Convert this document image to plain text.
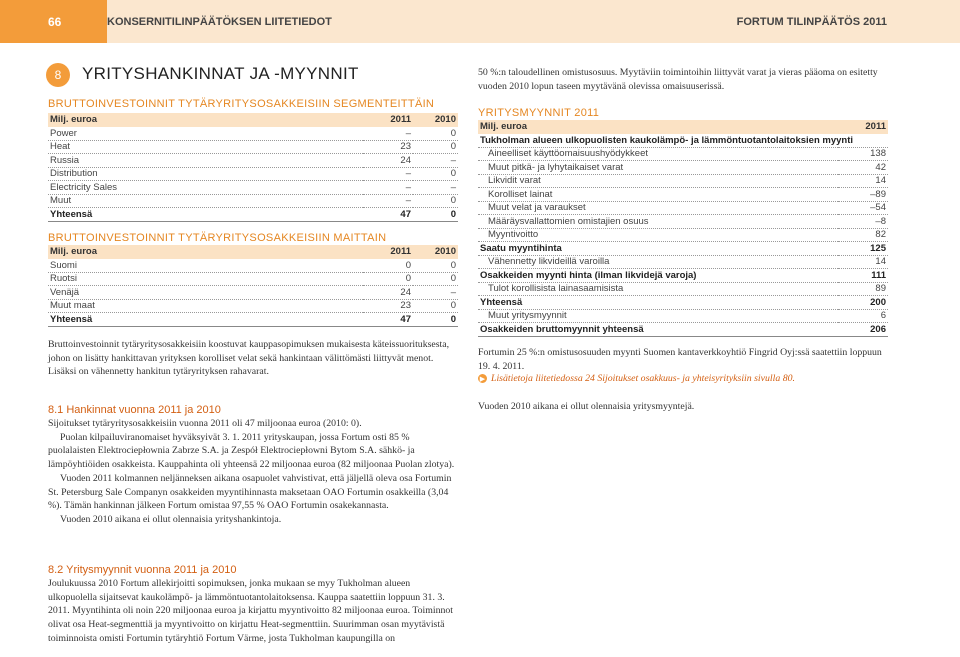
66	KONSERNITILINPÄÄTÖKSEN LIITETIEDOT	FORTUM TILINPÄÄTÖS 2011
8	YRITYSHANKINNAT JA -MYYNNIT
BRUTTOINVESTOINNIT TYTÄRYRITYSOSAKKEISIIN SEGMENTEITTÄIN
Milj. euroa	2011	2010
Power	–	0
Heat	23	0
Russia	24	–
Distribution	–	0
Electricity Sales	–	–
Muut	–	0
Yhteensä	47	0
BRUTTOINVESTOINNIT TYTÄRYRITYSOSAKKEISIIN MAITTAIN
Milj. euroa	2011	2010
Suomi	0	0
Ruotsi	0	0
Venäjä	24	–
Muut maat	23	0
Yhteensä	47	0

Bruttoinvestoinnit tytäryritysosakkeisiin koostuvat kauppasopimuksen mukaisesta käteissuorituksesta, johon on lisätty hankittavan yrityksen korolliset velat sekä hankintaan välittömästi liittyvät menot. Lisäksi on vähennetty hankitun tytäryrityksen rahavarat.

8.1 Hankinnat vuonna 2011 ja 2010

Sijoitukset tytäryritysosakkeisiin vuonna 2011 oli 47 miljoonaa euroa (2010: 0).

Puolan kilpailuviranomaiset hyväksyivät 3. 1. 2011 yrityskaupan, jossa Fortum osti 85 % puolalaisten Elektrociepłownia Zabrze S.A. ja Zespół Elektrociepłowni Bytom S.A. sähkö- ja lämpöyhtiöiden osakkeista. Kauppahinta oli yhteensä 22 miljoonaa euroa (82 miljoonaa Puolan zlotya).

Vuoden 2011 kolmannen neljänneksen aikana osapuolet vahvistivat, että jäljellä oleva osa Fortumin St. Petersburg Sale Companyn osakkeiden myyntihinnasta maksetaan OAO Fortumin osakkeilla (3,04 %). Tämän hankinnan jälkeen Fortum omistaa 97,55 % OAO Fortumin osakekannasta.

Vuoden 2010 aikana ei ollut olennaisia yrityshankintoja.

8.2 Yritysmyynnit vuonna 2011 ja 2010

Joulukuussa 2010 Fortum allekirjoitti sopimuksen, jonka mukaan se myy Tukholman alueen ulkopuolella sijaitsevat kaukolämpö- ja lämmöntuotantolaitoksensa. Kauppa saatettiin loppuun 31. 3. 2011. Myyntihinta oli noin 220 miljoonaa euroa ja kirjattu myyntivoitto 82 miljoonaa euroa. Toiminnot olivat osa Heat-segmenttiä ja myyntivoitto on kirjattu Heat-segmenttiin. Suurimman osan myytävistä toiminnoista omisti Fortumin tytäryhtiö Fortum Värme, josta Tukholman kaupungilla on

50 %:n taloudellinen omistusosuus. Myytäviin toimintoihin liittyvät varat ja vieras pääoma on esitetty vuoden 2010 lopun taseen myytävänä olevissa omaisuuserissä.

YRITYSMYYNNIT 2011
Milj. euroa	2011
Tukholman alueen ulkopuolisten kaukolämpö- ja lämmöntuotantolaitoksien myynti	
Aineelliset käyttöomaisuushyödykkeet	138
Muut pitkä- ja lyhytaikaiset varat	42
Likvidit varat	14
Korolliset lainat	–89
Muut velat ja varaukset	–54
Määräysvallattomien omistajien osuus	–8
Myyntivoitto	82
Saatu myyntihinta	125
Vähennetty likvideillä varoilla	14
Osakkeiden myynti hinta (ilman likvidejä varoja)	111
Tulot korollisista lainasaamisista	89
Yhteensä	200
Muut yritysmyynnit	6
Osakkeiden bruttomyynnit yhteensä	206

Fortumin 25 %:n omistusosuuden myynti Suomen kantaverkkoyhtiö Fingrid Oyj:ssä saatettiin loppuun 19. 4. 2011.

▶ Lisätietoja liitetiedossa 24 Sijoitukset osakkuus- ja yhteisyrityksiin sivulla 80.

Vuoden 2010 aikana ei ollut olennaisia yritysmyyntejä.
